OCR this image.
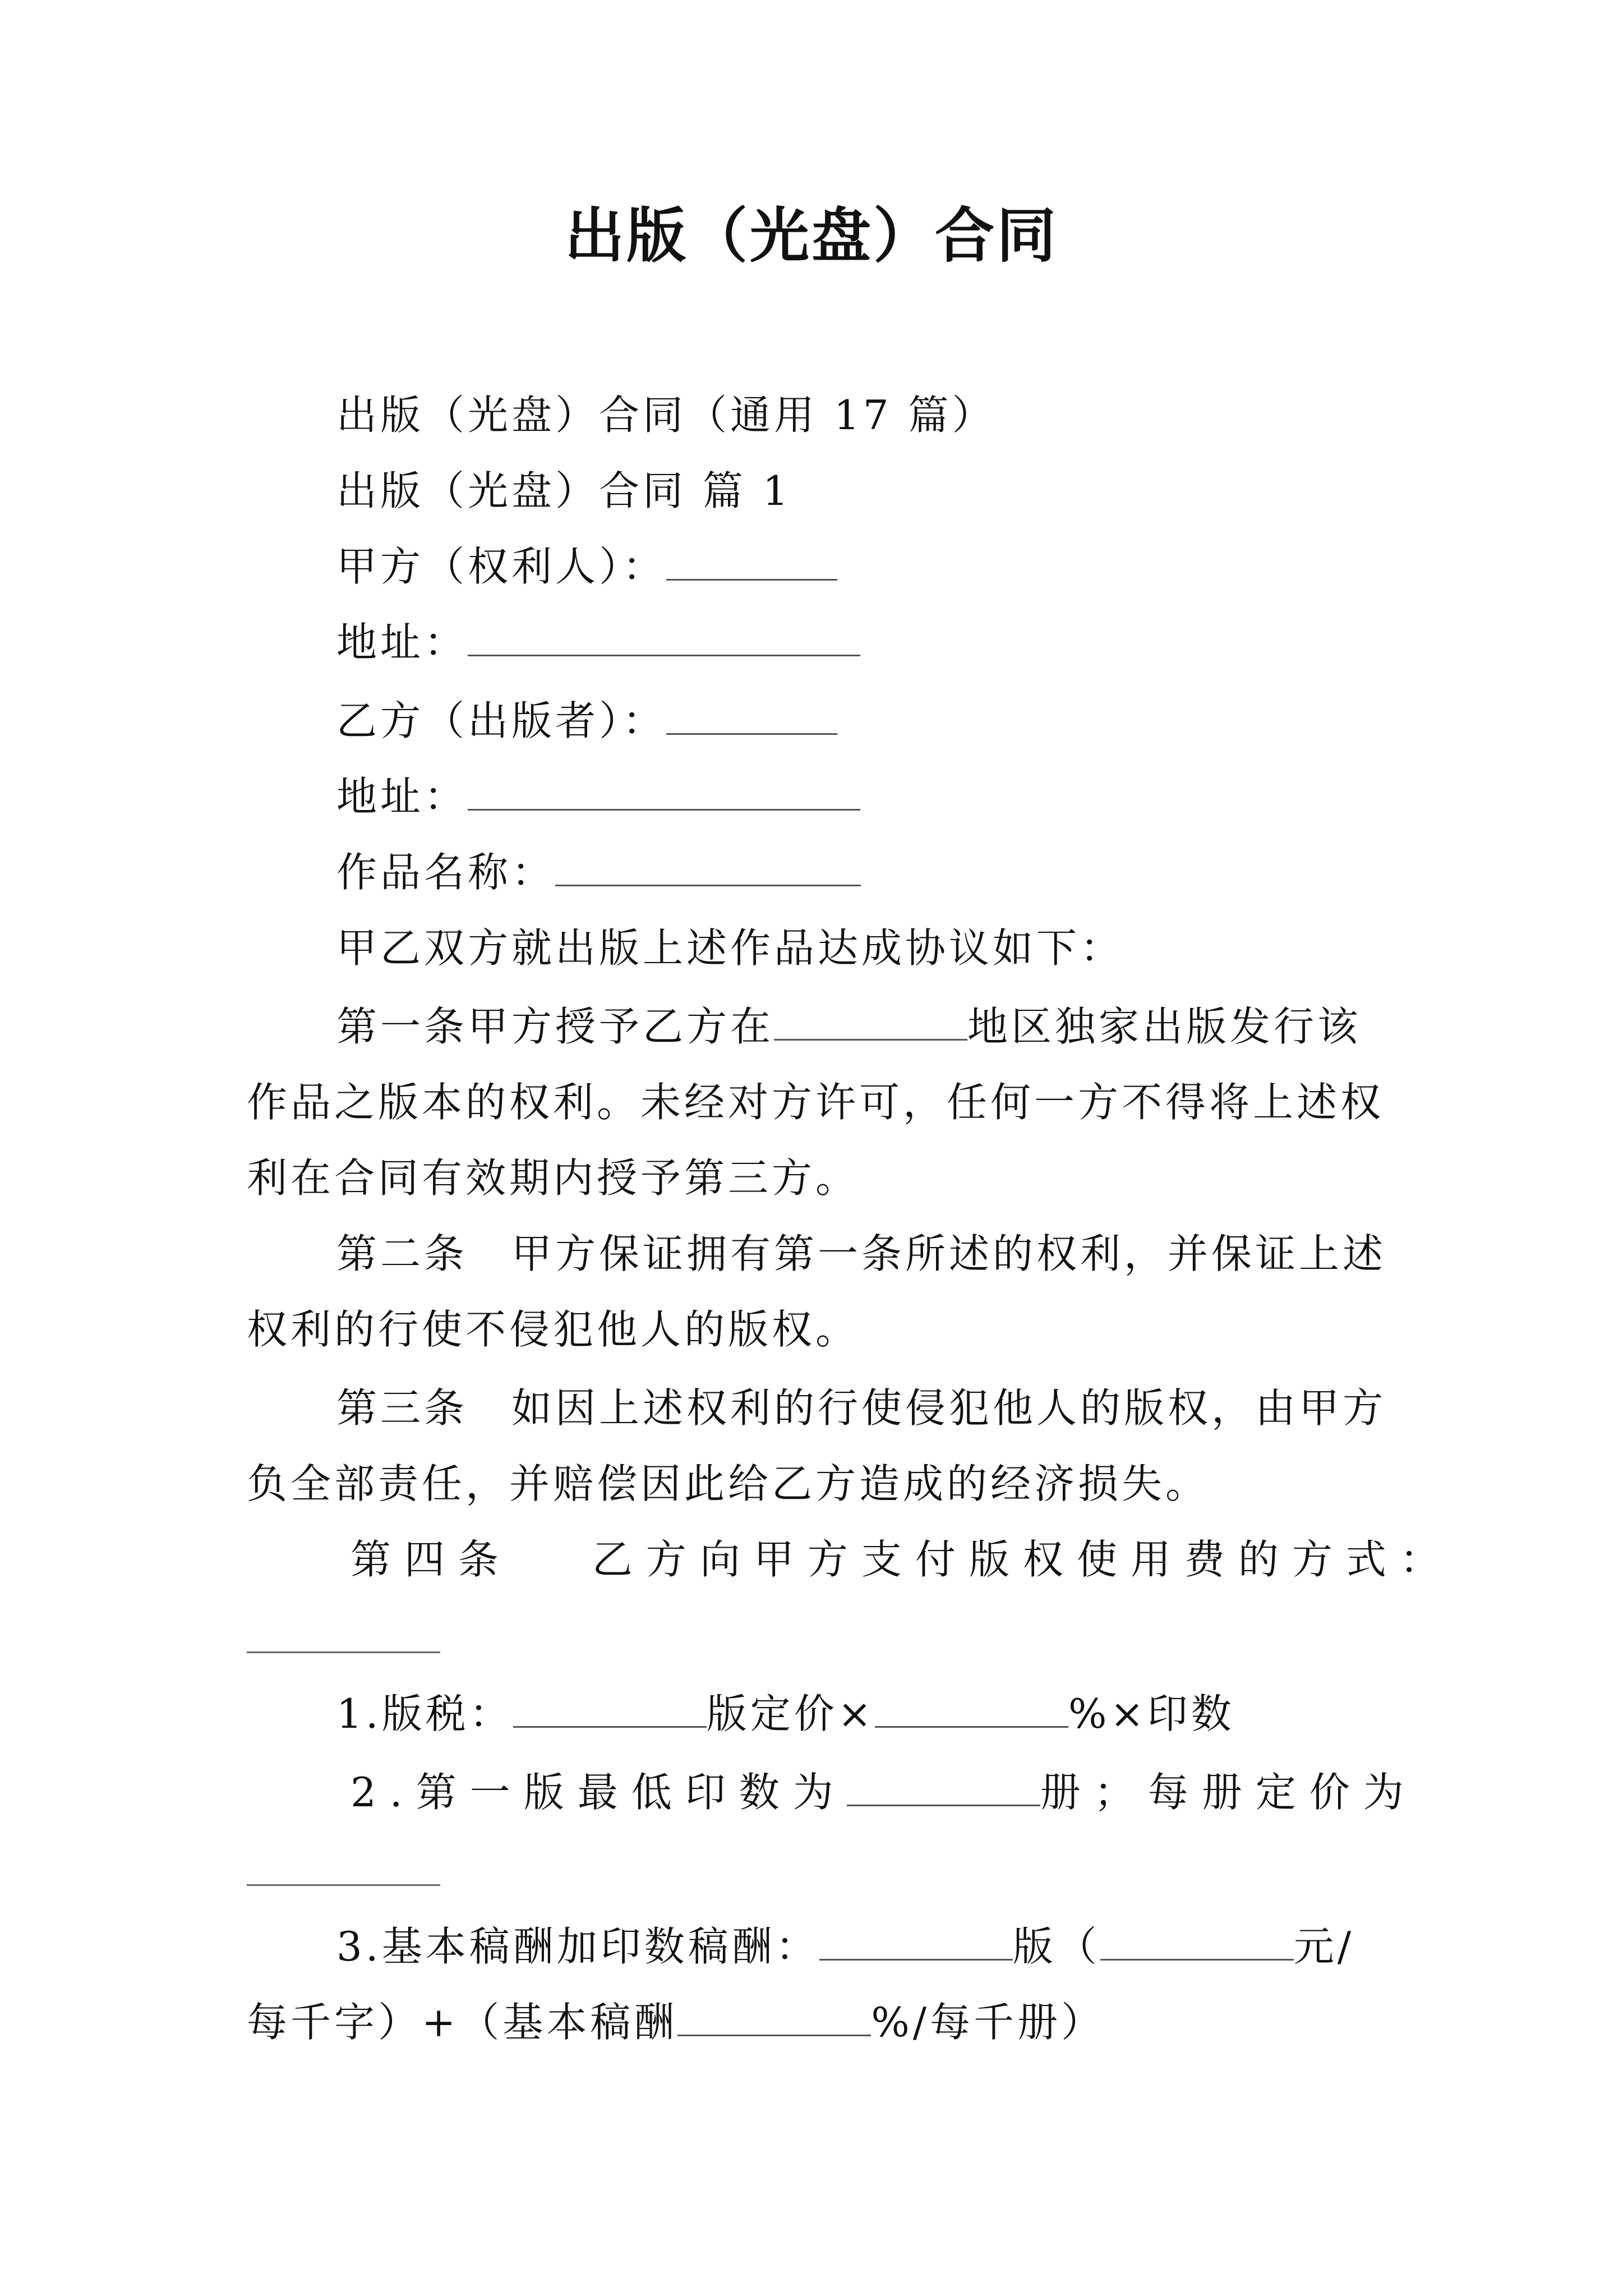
出版（光盘）合同
出版（光盘）合同（通用 17 篇）
出版（光盘）合同 篇 1
甲方（权利人）：
地址：
乙方（出版者）：
地址：
作品名称：
甲乙双方就出版上述作品达成协议如下：
第一条甲方授予乙方在	地区独家出版发行该
作品之版本的权利。未经对方许可，任何一方不得将上述权
利在合同有效期内授予第三方。
第二条　甲方保证拥有第一条所述的权利，并保证上述
权利的行使不侵犯他人的版权。
第三条　如因上述权利的行使侵犯他人的版权，由甲方
负全部责任，并赔偿因此给乙方造成的经济损失。
第四条　 乙方向甲方支付版权使用费的方式：
1.版税：	版定价×	%×印数
2.第一版最低印数为	册；每册定价为
3.基本稿酬加印数稿酬：	版（	元/
每千字）+（基本稿酬	%/每千册）
